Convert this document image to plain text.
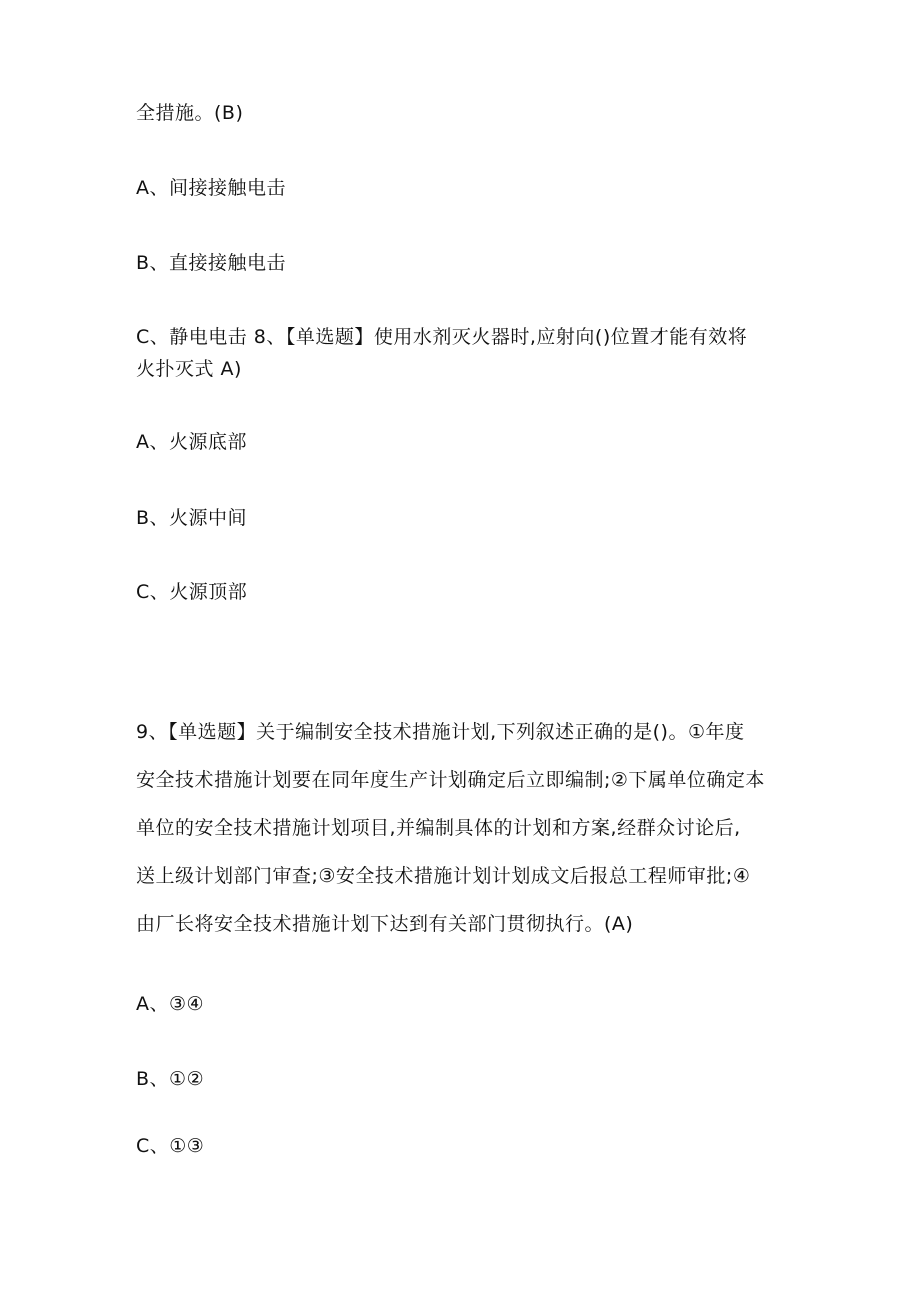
全措施。(B)
A、间接接触电击
B、直接接触电击
C、静电电击 8、【单选题】使用水剂灭火器时,应射向()位置才能有效将
火扑灭式 A)
A、火源底部
B、火源中间
C、火源顶部
9、【单选题】关于编制安全技术措施计划,下列叙述正确的是()。①年度
安全技术措施计划要在同年度生产计划确定后立即编制;②下属单位确定本
单位的安全技术措施计划项目,并编制具体的计划和方案,经群众讨论后,
送上级计划部门审查;③安全技术措施计划计划成文后报总工程师审批;④
由厂长将安全技术措施计划下达到有关部门贯彻执行。(A)
A、③④
B、①②
C、①③
